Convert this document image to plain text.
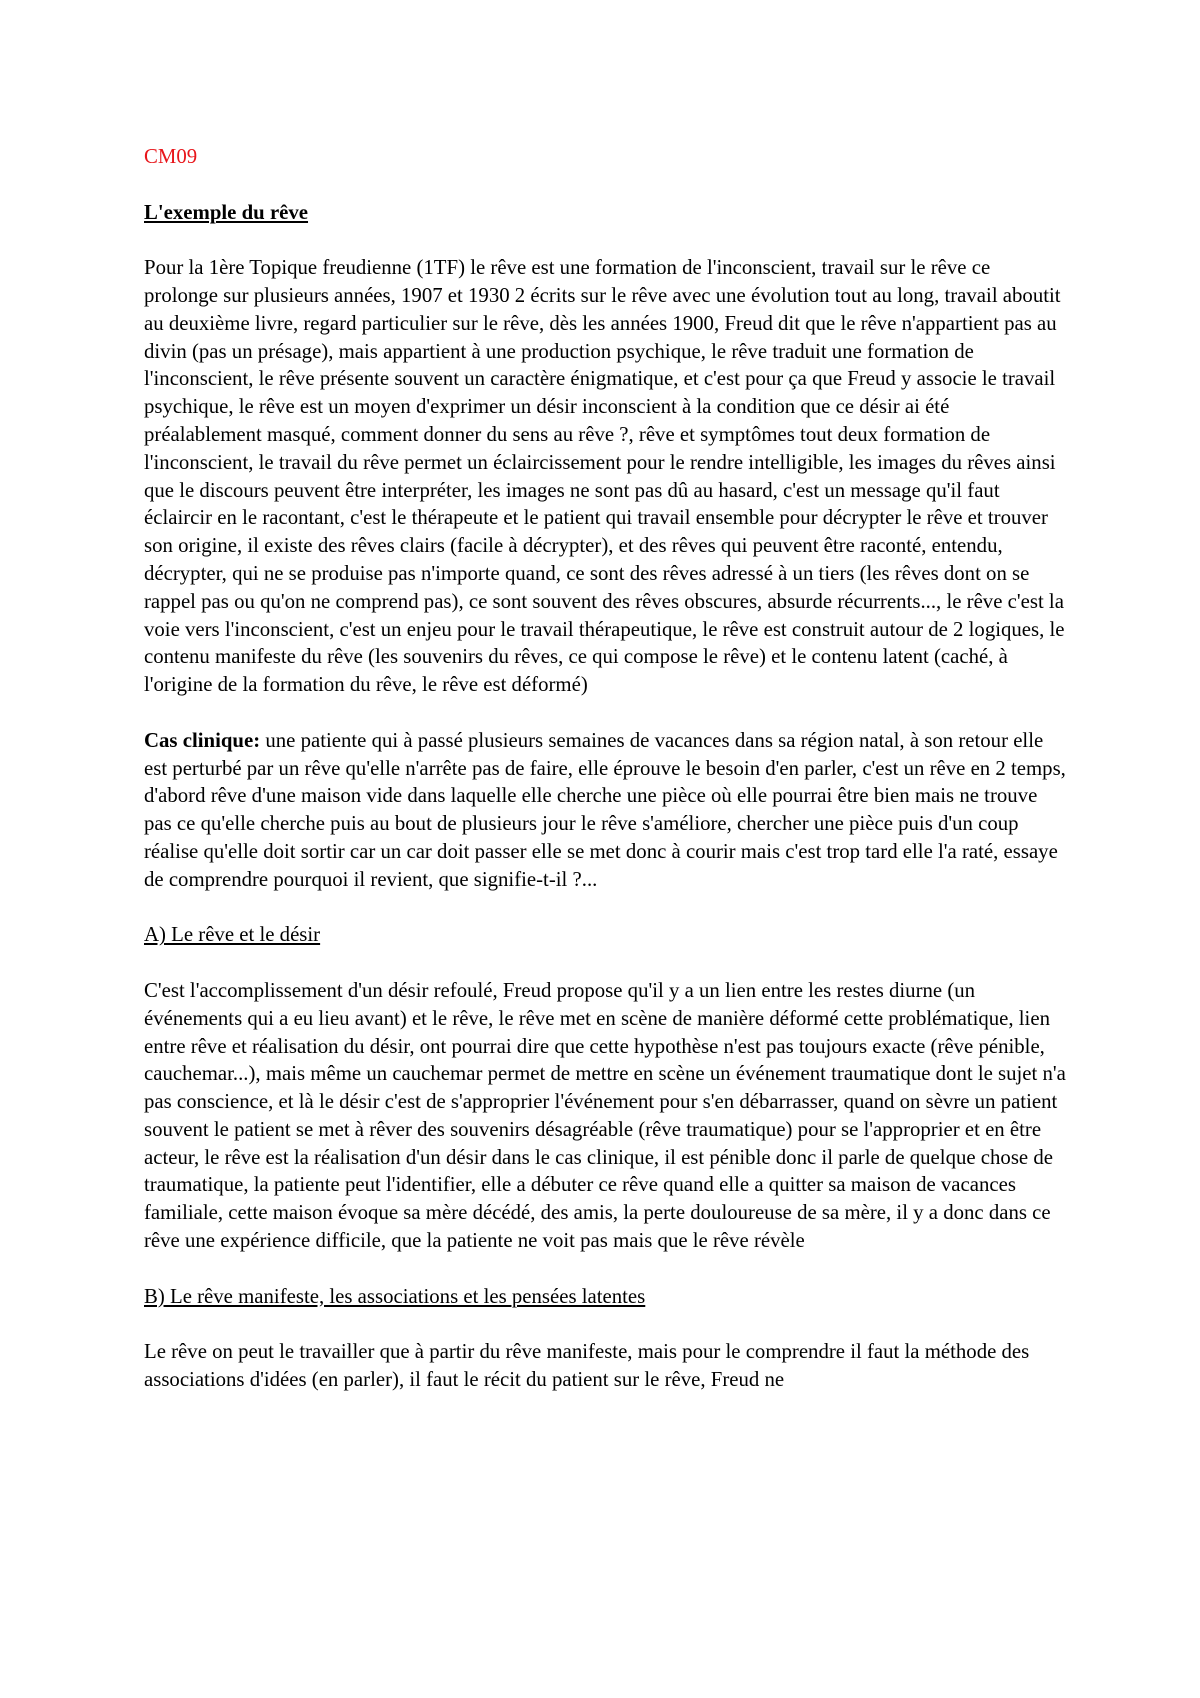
CM09

L'exemple du rêve

Pour la 1ère Topique freudienne (1TF) le rêve est une formation de l'inconscient, travail sur le rêve ce prolonge sur plusieurs années, 1907 et 1930 2 écrits sur le rêve avec une évolution tout au long, travail aboutit au deuxième livre, regard particulier sur le rêve, dès les années 1900, Freud dit que le rêve n'appartient pas au divin (pas un présage), mais appartient à une production psychique, le rêve traduit une formation de l'inconscient, le rêve présente souvent un caractère énigmatique, et c'est pour ça que Freud y associe le travail psychique, le rêve est un moyen d'exprimer un désir inconscient à la condition que ce désir ai été préalablement masqué, comment donner du sens au rêve ?, rêve et symptômes tout deux formation de l'inconscient, le travail du rêve permet un éclaircissement pour le rendre intelligible, les images du rêves ainsi que le discours peuvent être interpréter, les images ne sont pas dû au hasard, c'est un message qu'il faut éclaircir en le racontant, c'est le thérapeute et le patient qui travail ensemble pour décrypter le rêve et trouver son origine, il existe des rêves clairs (facile à décrypter), et des rêves qui peuvent être raconté, entendu, décrypter, qui ne se produise pas n'importe quand, ce sont des rêves adressé à un tiers (les rêves dont on se rappel pas ou qu'on ne comprend pas), ce sont souvent des rêves obscures, absurde récurrents..., le rêve c'est la voie vers l'inconscient, c'est un enjeu pour le travail thérapeutique, le rêve est construit autour de 2 logiques, le contenu manifeste du rêve (les souvenirs du rêves, ce qui compose le rêve) et le contenu latent (caché, à l'origine de la formation du rêve, le rêve est déformé)

Cas clinique: une patiente qui à passé plusieurs semaines de vacances dans sa région natal, à son retour elle est perturbé par un rêve qu'elle n'arrête pas de faire, elle éprouve le besoin d'en parler, c'est un rêve en 2 temps, d'abord rêve d'une maison vide dans laquelle elle cherche une pièce où elle pourrai être bien mais ne trouve pas ce qu'elle cherche puis au bout de plusieurs jour le rêve s'améliore, chercher une pièce puis d'un coup réalise qu'elle doit sortir car un car doit passer elle se met donc à courir mais c'est trop tard elle l'a raté, essaye de comprendre pourquoi il revient, que signifie-t-il ?...

A) Le rêve et le désir

C'est l'accomplissement d'un désir refoulé, Freud propose qu'il y a un lien entre les restes diurne (un événements qui a eu lieu avant) et le rêve, le rêve met en scène de manière déformé cette problématique, lien entre rêve et réalisation du désir, ont pourrai dire que cette hypothèse n'est pas toujours exacte (rêve pénible, cauchemar...), mais même un cauchemar permet de mettre en scène un événement traumatique dont le sujet n'a pas conscience, et là le désir c'est de s'approprier l'événement pour s'en débarrasser, quand on sèvre un patient souvent le patient se met à rêver des souvenirs désagréable (rêve traumatique) pour se l'approprier et en être acteur, le rêve est la réalisation d'un désir dans le cas clinique, il est pénible donc il parle de quelque chose de traumatique, la patiente peut l'identifier, elle a débuter ce rêve quand elle a quitter sa maison de vacances familiale, cette maison évoque sa mère décédé, des amis, la perte douloureuse de sa mère, il y a donc dans ce rêve une expérience difficile, que la patiente ne voit pas mais que le rêve révèle

B) Le rêve manifeste, les associations et les pensées latentes

Le rêve on peut le travailler que à partir du rêve manifeste, mais pour le comprendre il faut la méthode des associations d'idées (en parler), il faut le récit du patient sur le rêve, Freud ne
